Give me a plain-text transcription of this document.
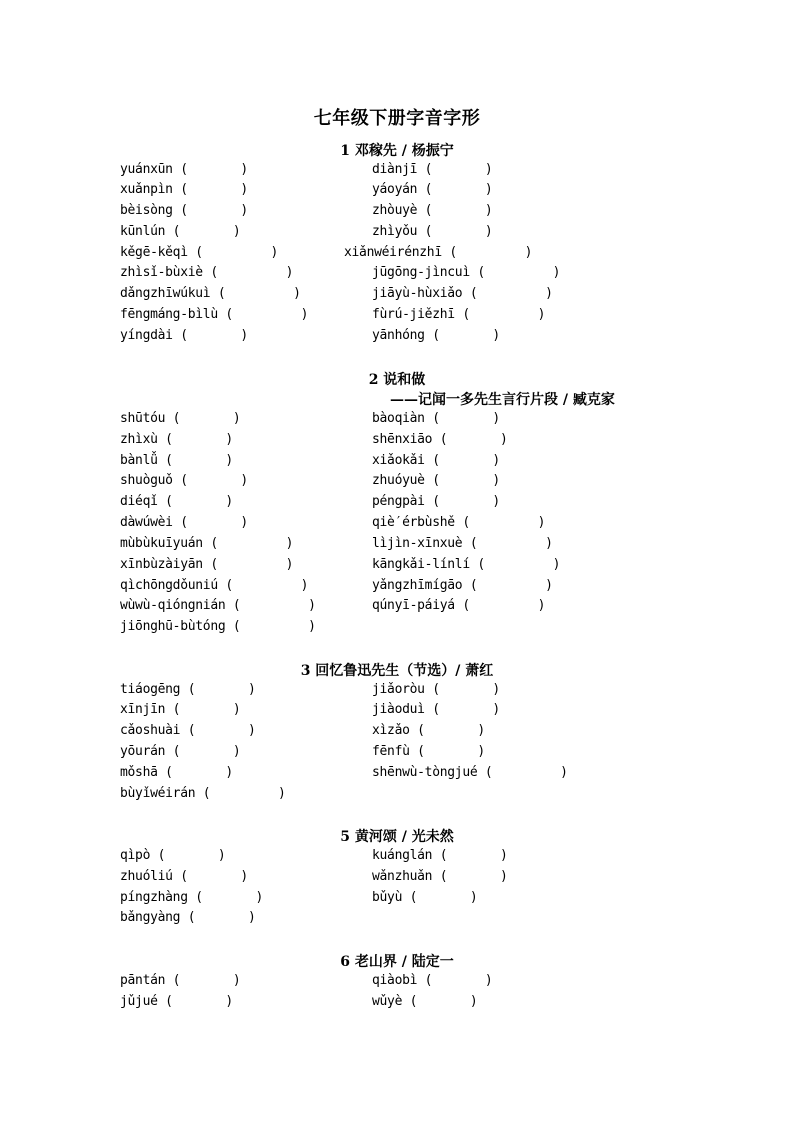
七年级下册字音字形
1 邓稼先 / 杨振宁
yuánxūn (       )	diànjī (       )
xuǎnpìn (       )	yáoyán (       )
bèisòng (       )	zhòuyè (       )
kūnlún (       )	zhìyǒu (       )
kěgē-kěqì (         )	xiǎnwéirénzhī (         )
zhìsǐ-bùxiè (         )	jūgōng-jìncuì (         )
dǎngzhīwúkuì (         )	jiāyù-hùxiǎo (         )
fēngmáng-bìlù (         )	fùrú-jiězhī (         )
yíngdài (       )	yānhóng (       )
2 说和做
——记闻一多先生言行片段 / 臧克家
shūtóu (       )	bàoqiàn (       )
zhìxù (       )	shēnxiāo (       )
bànlǚ (       )	xiǎokǎi (       )
shuòguǒ (       )	zhuóyuè (       )
diéqǐ (       )	péngpài (       )
dàwúwèi (       )	qiè′érbùshě (         )
mùbùkuīyuán (         )	lìjìn-xīnxuè (         )
xīnbùzàiyān (         )	kāngkǎi-línlí (         )
qìchōngdǒuniú (         )	yǎngzhīmígāo (         )
wùwù-qióngnián (         )	qúnyī-páiyá (         )
jiōnghū-bùtóng (         )
3 回忆鲁迅先生（节选）/ 萧红
tiáogēng (       )	jiǎoròu (       )
xīnjīn (       )	jiàoduì (       )
cǎoshuài (       )	xìzǎo (       )
yōurán (       )	fēnfù (       )
mǒshā (       )	shēnwù-tòngjué (         )
bùyǐwéirán (         )
5 黄河颂 / 光未然
qìpò (       )	kuánglán (       )
zhuóliú (       )	wǎnzhuǎn (       )
píngzhàng (       )	bǔyù (       )
bǎngyàng (       )
6 老山界 / 陆定一
pāntán (       )	qiàobì (       )
jǔjué (       )	wǔyè (       )
